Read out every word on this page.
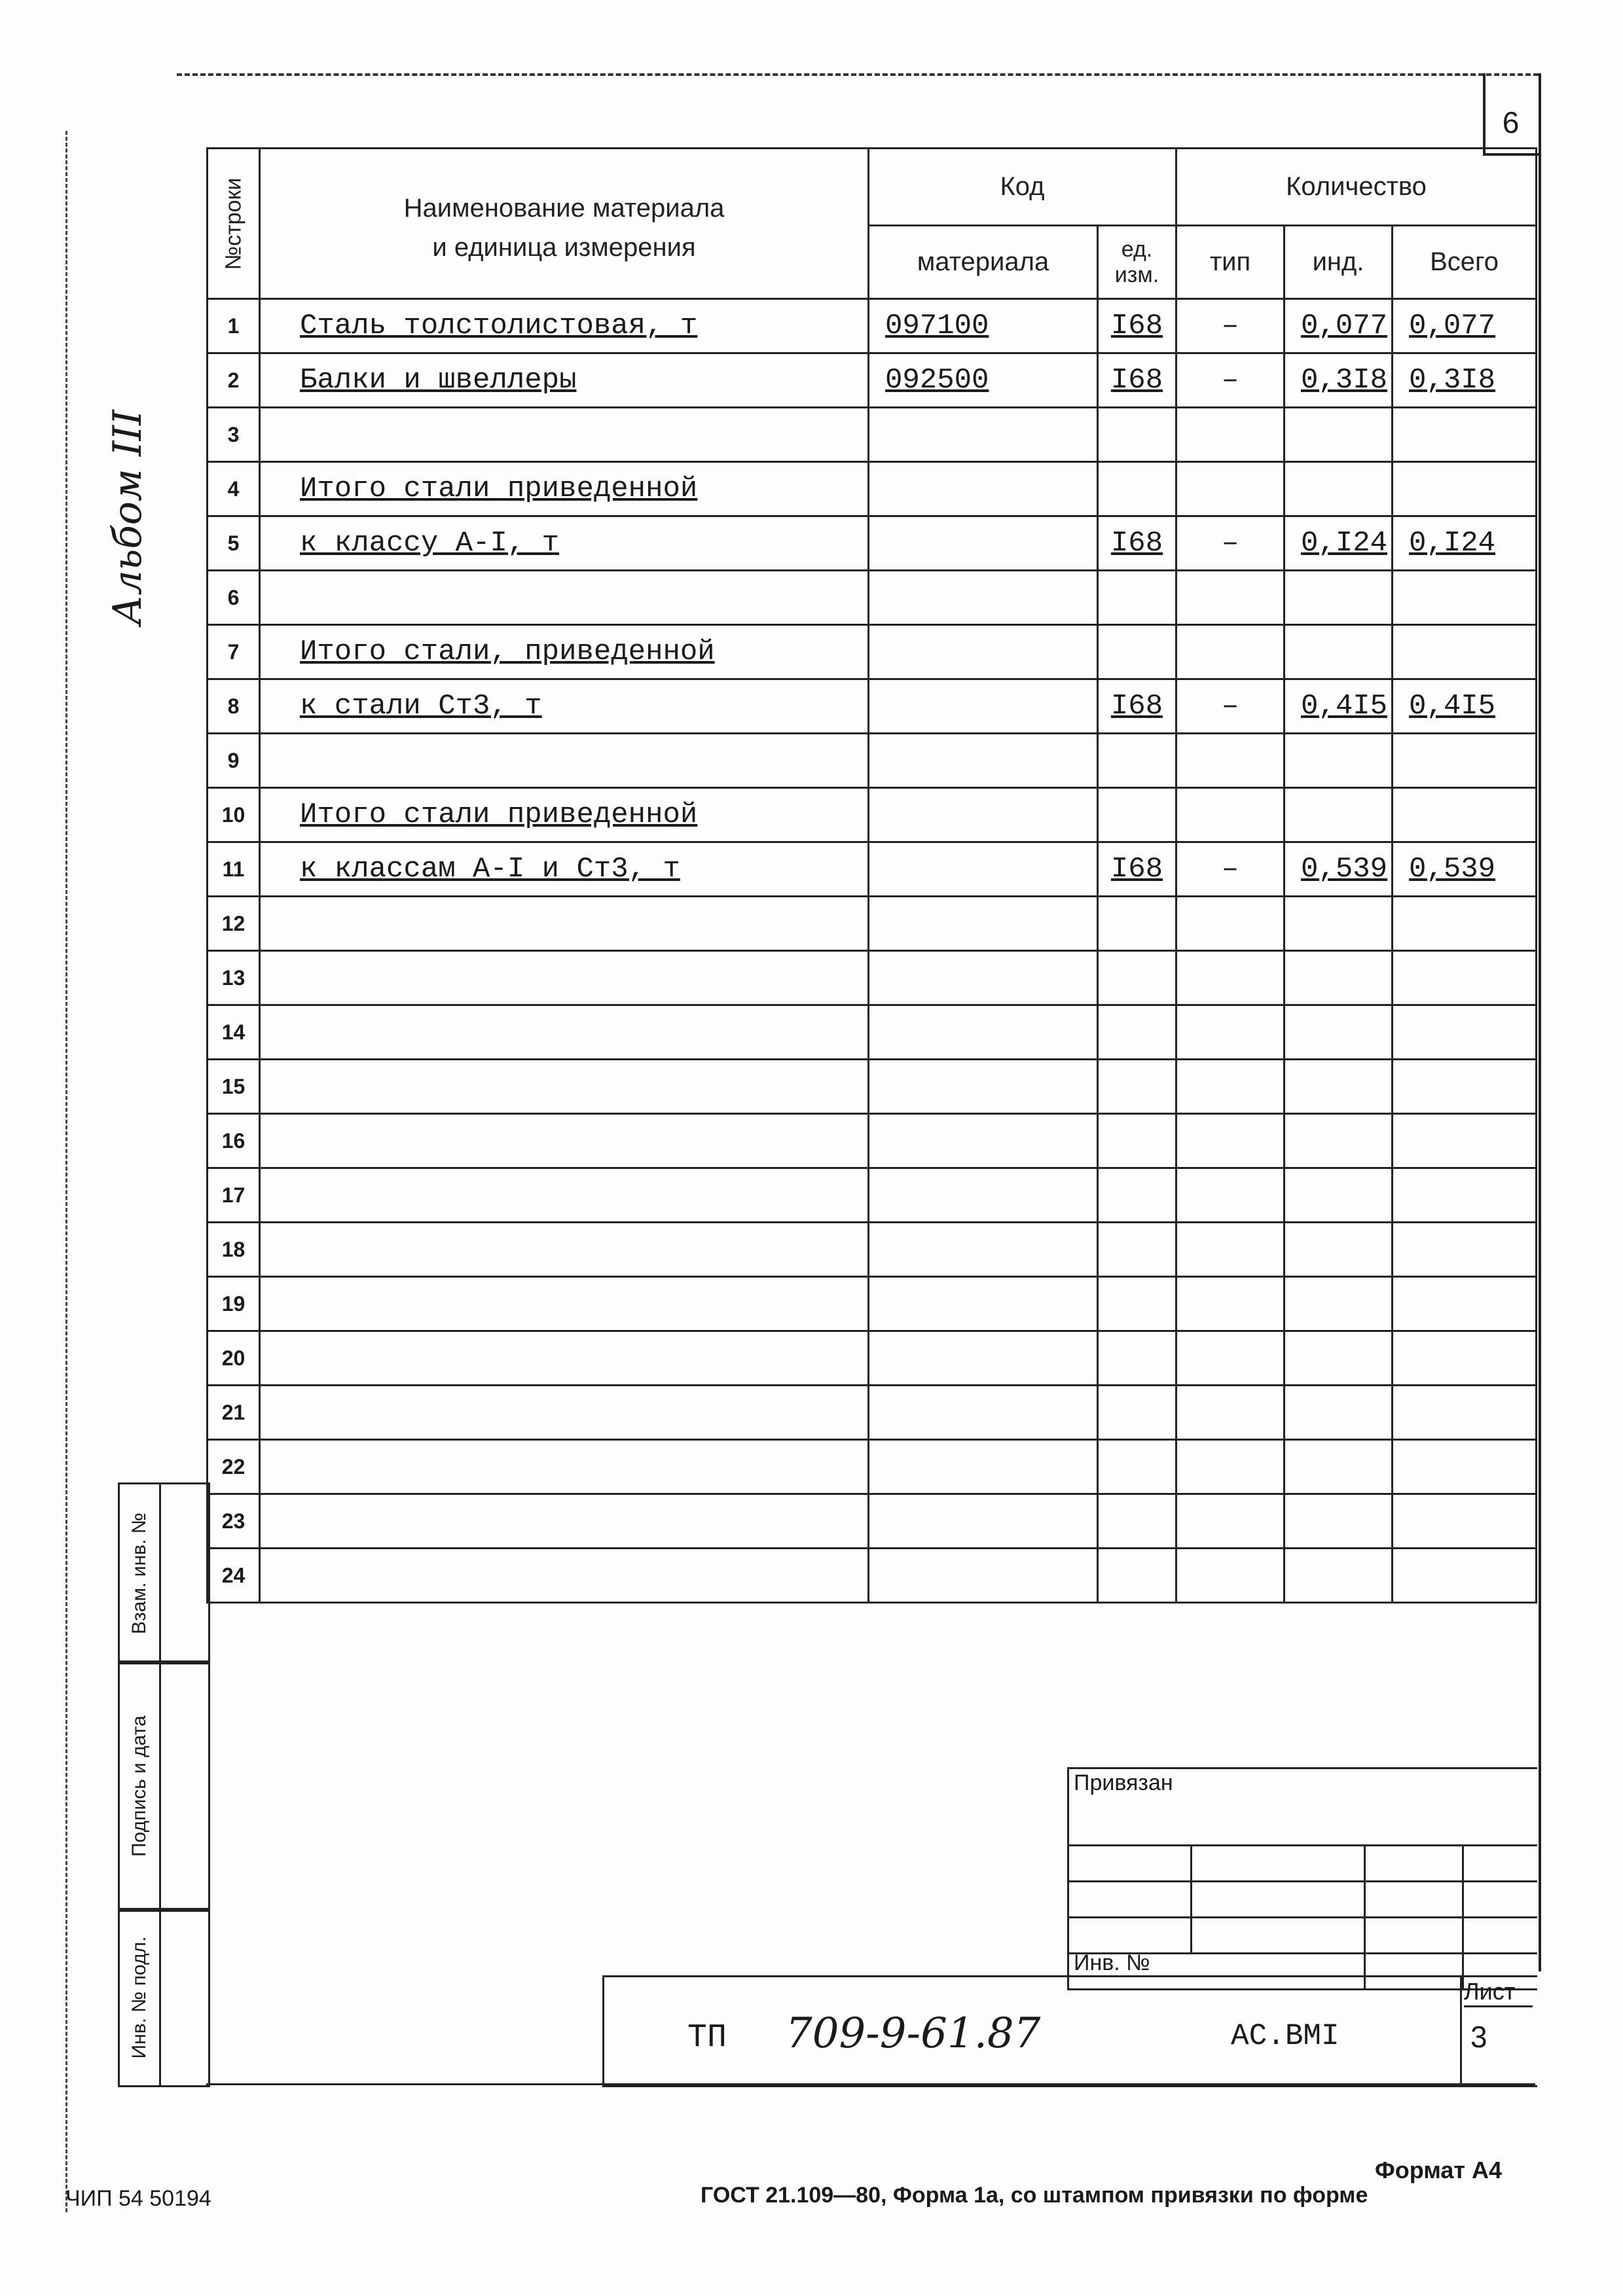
6
Альбом III
№строки	Наименование материала
и единица измерения	Код		Количество		
		материала	ед. изм.	тип	инд.	Всего
1	Сталь толстолистовая, т	097100	I68	–	0,077	0,077
2	Балки и швеллеры	092500	I68	–	0,3I8	0,3I8
3						
4	Итого стали приведенной					
5	к классу А-I, т		I68	–	0,I24	0,I24
6						
7	Итого стали, приведенной					
8	к стали Ст3, т		I68	–	0,4I5	0,4I5
9						
10	Итого стали приведенной					
11	к классам А-I и Ст3, т		I68	–	0,539	0,539
12						
13						
14						
15						
16						
17						
18						
19						
20						
21						
22						
23						
24						
Взам. инв. №
Подпись и дата
Инв. № подл.
Привязан
Инв. №
ТП 709-9-61.87	АС.ВМI
Лист
3
Формат А4
ЧИП 54 50194	ГОСТ 21.109—80, Форма 1а, со штампом привязки по форме
